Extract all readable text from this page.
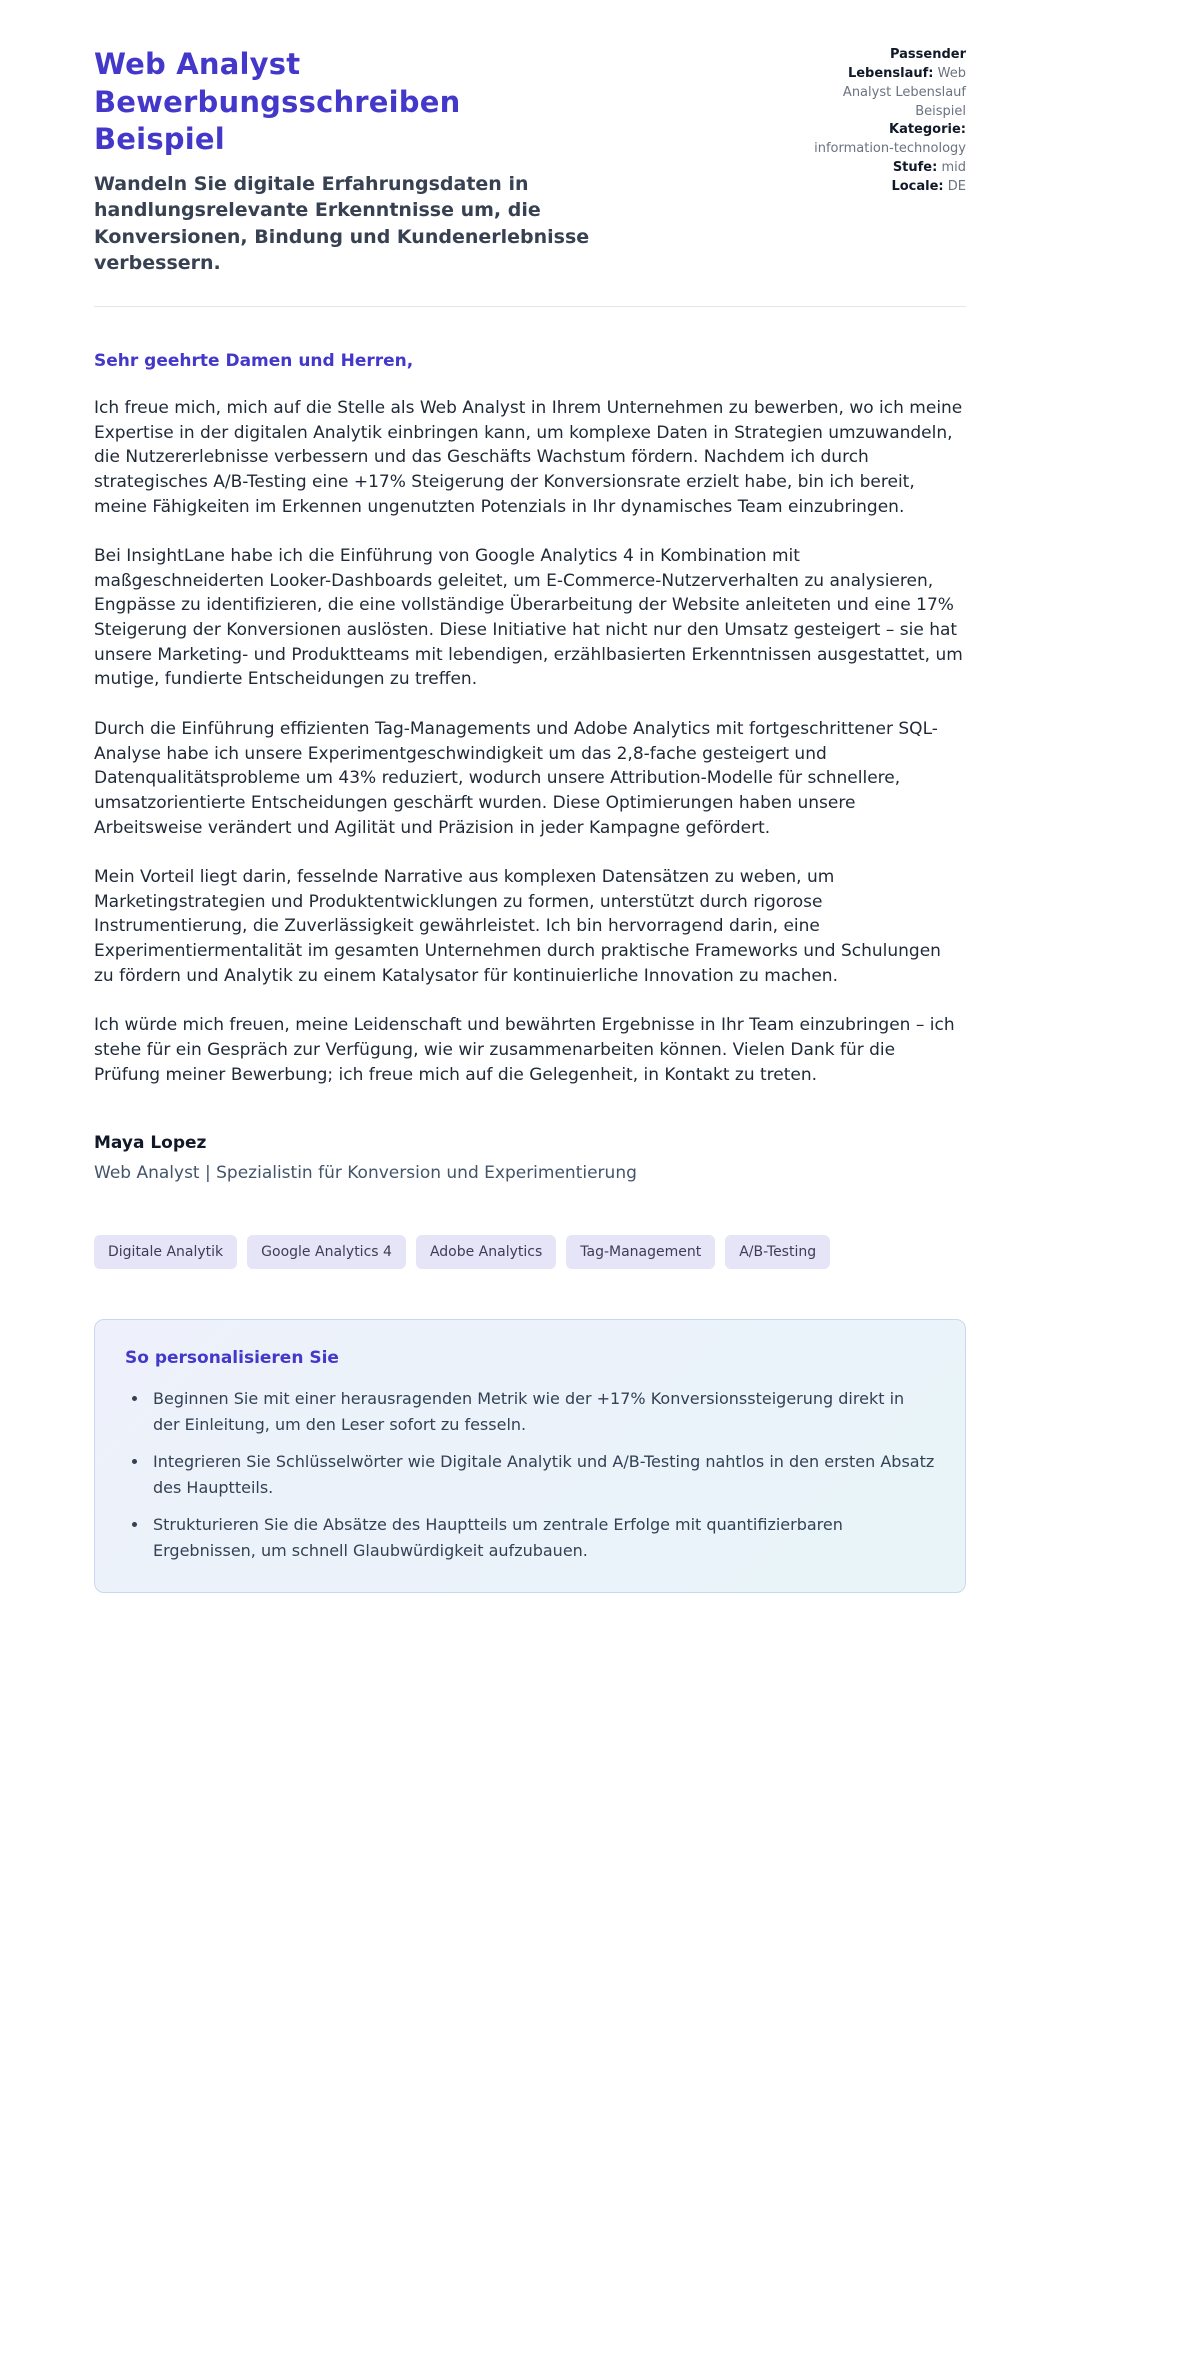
Web Analyst Bewerbungsschreiben Beispiel

Wandeln Sie digitale Erfahrungsdaten in handlungsrelevante Erkenntnisse um, die Konversionen, Bindung und Kundenerlebnisse verbessern.

Passender Lebenslauf: Web Analyst Lebenslauf Beispiel
Kategorie: information-technology
Stufe: mid
Locale: DE

Sehr geehrte Damen und Herren,

Ich freue mich, mich auf die Stelle als Web Analyst in Ihrem Unternehmen zu bewerben, wo ich meine Expertise in der digitalen Analytik einbringen kann, um komplexe Daten in Strategien umzuwandeln, die Nutzererlebnisse verbessern und das Geschäfts Wachstum fördern. Nachdem ich durch strategisches A/B-Testing eine +17% Steigerung der Konversionsrate erzielt habe, bin ich bereit, meine Fähigkeiten im Erkennen ungenutzten Potenzials in Ihr dynamisches Team einzubringen.

Bei InsightLane habe ich die Einführung von Google Analytics 4 in Kombination mit maßgeschneiderten Looker-Dashboards geleitet, um E-Commerce-Nutzerverhalten zu analysieren, Engpässe zu identifizieren, die eine vollständige Überarbeitung der Website anleiteten und eine 17% Steigerung der Konversionen auslösten. Diese Initiative hat nicht nur den Umsatz gesteigert – sie hat unsere Marketing- und Produktteams mit lebendigen, erzählbasierten Erkenntnissen ausgestattet, um mutige, fundierte Entscheidungen zu treffen.

Durch die Einführung effizienten Tag-Managements und Adobe Analytics mit fortgeschrittener SQL-Analyse habe ich unsere Experimentgeschwindigkeit um das 2,8-fache gesteigert und Datenqualitätsprobleme um 43% reduziert, wodurch unsere Attribution-Modelle für schnellere, umsatzorientierte Entscheidungen geschärft wurden. Diese Optimierungen haben unsere Arbeitsweise verändert und Agilität und Präzision in jeder Kampagne gefördert.

Mein Vorteil liegt darin, fesselnde Narrative aus komplexen Datensätzen zu weben, um Marketingstrategien und Produktentwicklungen zu formen, unterstützt durch rigorose Instrumentierung, die Zuverlässigkeit gewährleistet. Ich bin hervorragend darin, eine Experimentiermentalität im gesamten Unternehmen durch praktische Frameworks und Schulungen zu fördern und Analytik zu einem Katalysator für kontinuierliche Innovation zu machen.

Ich würde mich freuen, meine Leidenschaft und bewährten Ergebnisse in Ihr Team einzubringen – ich stehe für ein Gespräch zur Verfügung, wie wir zusammenarbeiten können. Vielen Dank für die Prüfung meiner Bewerbung; ich freue mich auf die Gelegenheit, in Kontakt zu treten.

Maya Lopez

Web Analyst | Spezialistin für Konversion und Experimentierung

Digitale Analytik	Google Analytics 4	Adobe Analytics	Tag-Management	A/B-Testing

So personalisieren Sie

• Beginnen Sie mit einer herausragenden Metrik wie der +17% Konversionssteigerung direkt in der Einleitung, um den Leser sofort zu fesseln.
• Integrieren Sie Schlüsselwörter wie Digitale Analytik und A/B-Testing nahtlos in den ersten Absatz des Hauptteils.
• Strukturieren Sie die Absätze des Hauptteils um zentrale Erfolge mit quantifizierbaren Ergebnissen, um schnell Glaubwürdigkeit aufzubauen.
